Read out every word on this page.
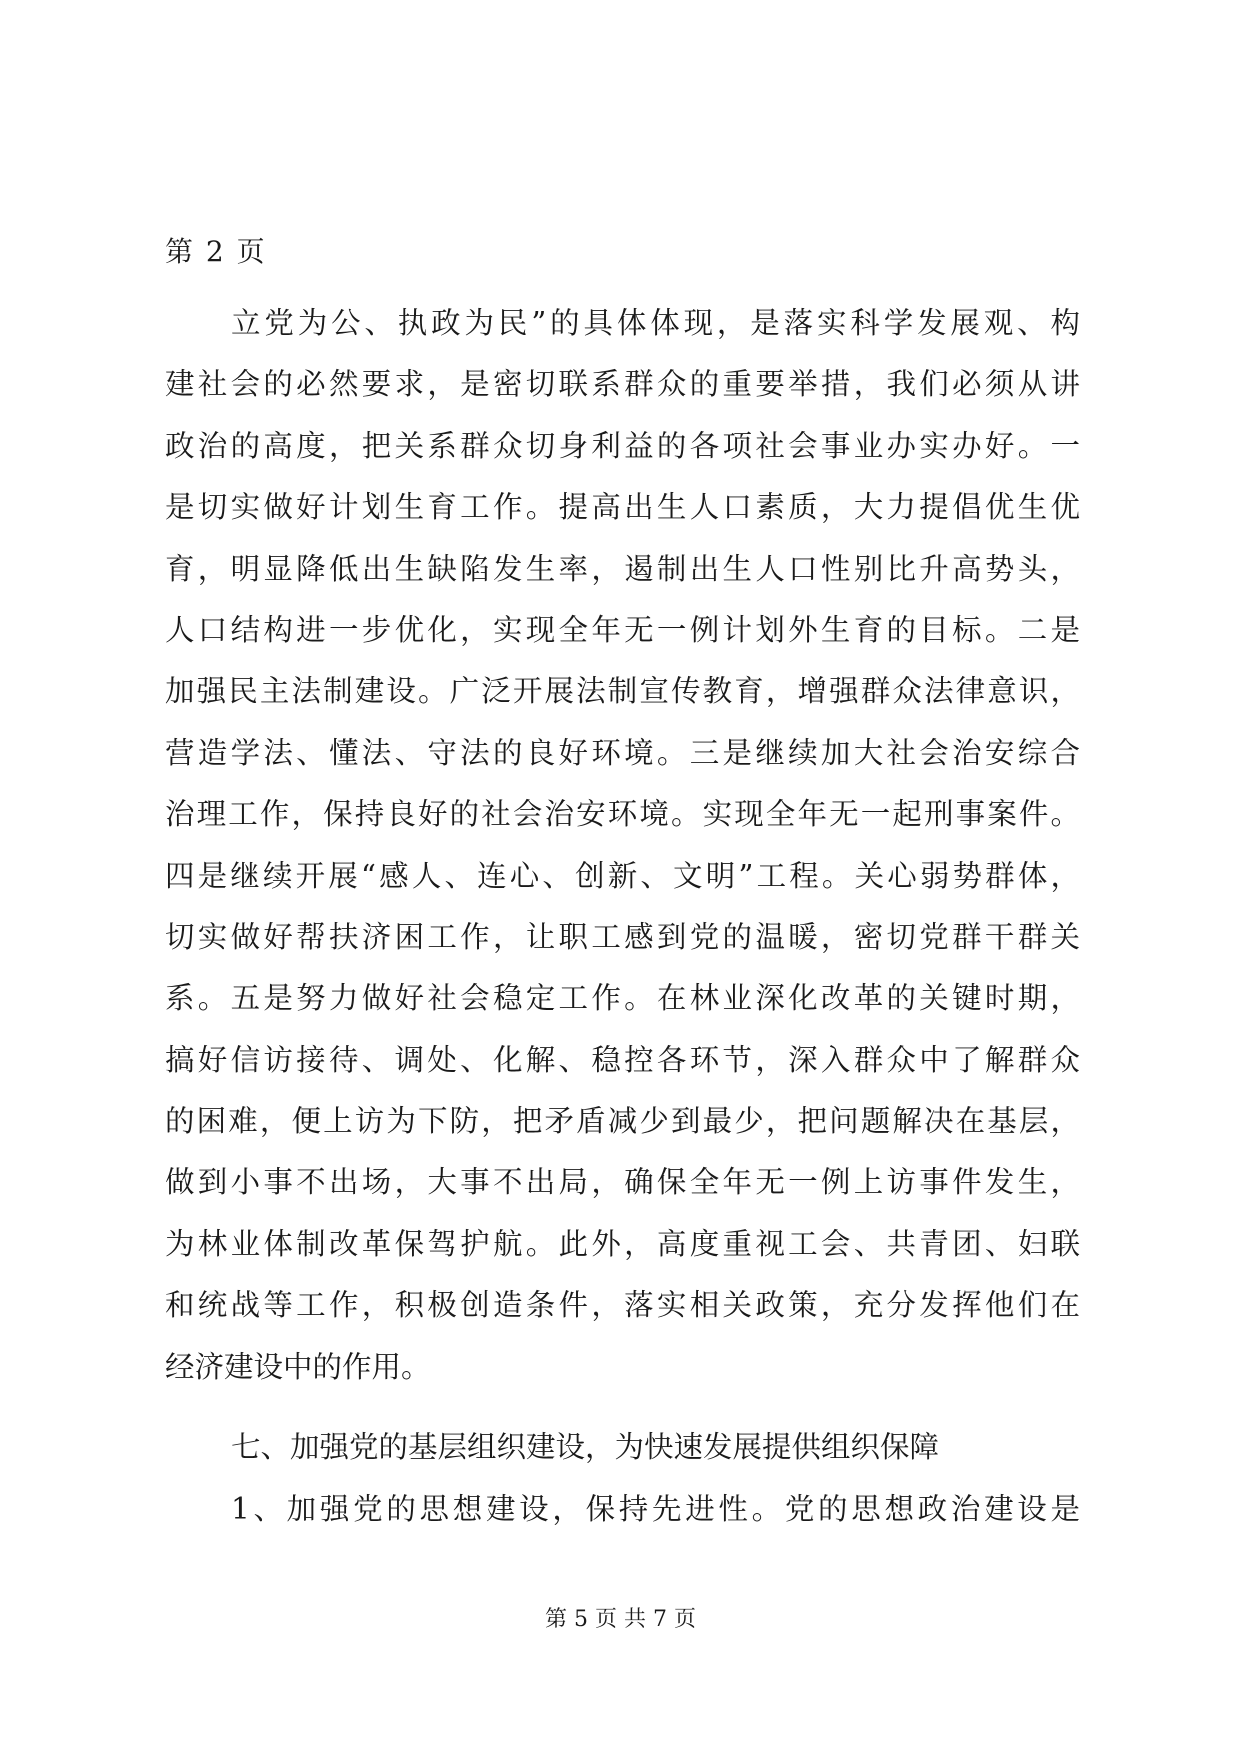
第 2 页
立党为公、执政为民”的具体体现，是落实科学发展观、构
建社会的必然要求，是密切联系群众的重要举措，我们必须从讲
政治的高度，把关系群众切身利益的各项社会事业办实办好。一
是切实做好计划生育工作。提高出生人口素质，大力提倡优生优
育，明显降低出生缺陷发生率，遏制出生人口性别比升高势头，
人口结构进一步优化，实现全年无一例计划外生育的目标。二是
加强民主法制建设。广泛开展法制宣传教育，增强群众法律意识，
营造学法、懂法、守法的良好环境。三是继续加大社会治安综合
治理工作，保持良好的社会治安环境。实现全年无一起刑事案件。
四是继续开展“感人、连心、创新、文明”工程。关心弱势群体，
切实做好帮扶济困工作，让职工感到党的温暖，密切党群干群关
系。五是努力做好社会稳定工作。在林业深化改革的关键时期，
搞好信访接待、调处、化解、稳控各环节，深入群众中了解群众
的困难，便上访为下防，把矛盾减少到最少，把问题解决在基层，
做到小事不出场，大事不出局，确保全年无一例上访事件发生，
为林业体制改革保驾护航。此外，高度重视工会、共青团、妇联
和统战等工作，积极创造条件，落实相关政策，充分发挥他们在
经济建设中的作用。
七、加强党的基层组织建设，为快速发展提供组织保障
1、加强党的思想建设，保持先进性。党的思想政治建设是
第 5 页 共 7 页
